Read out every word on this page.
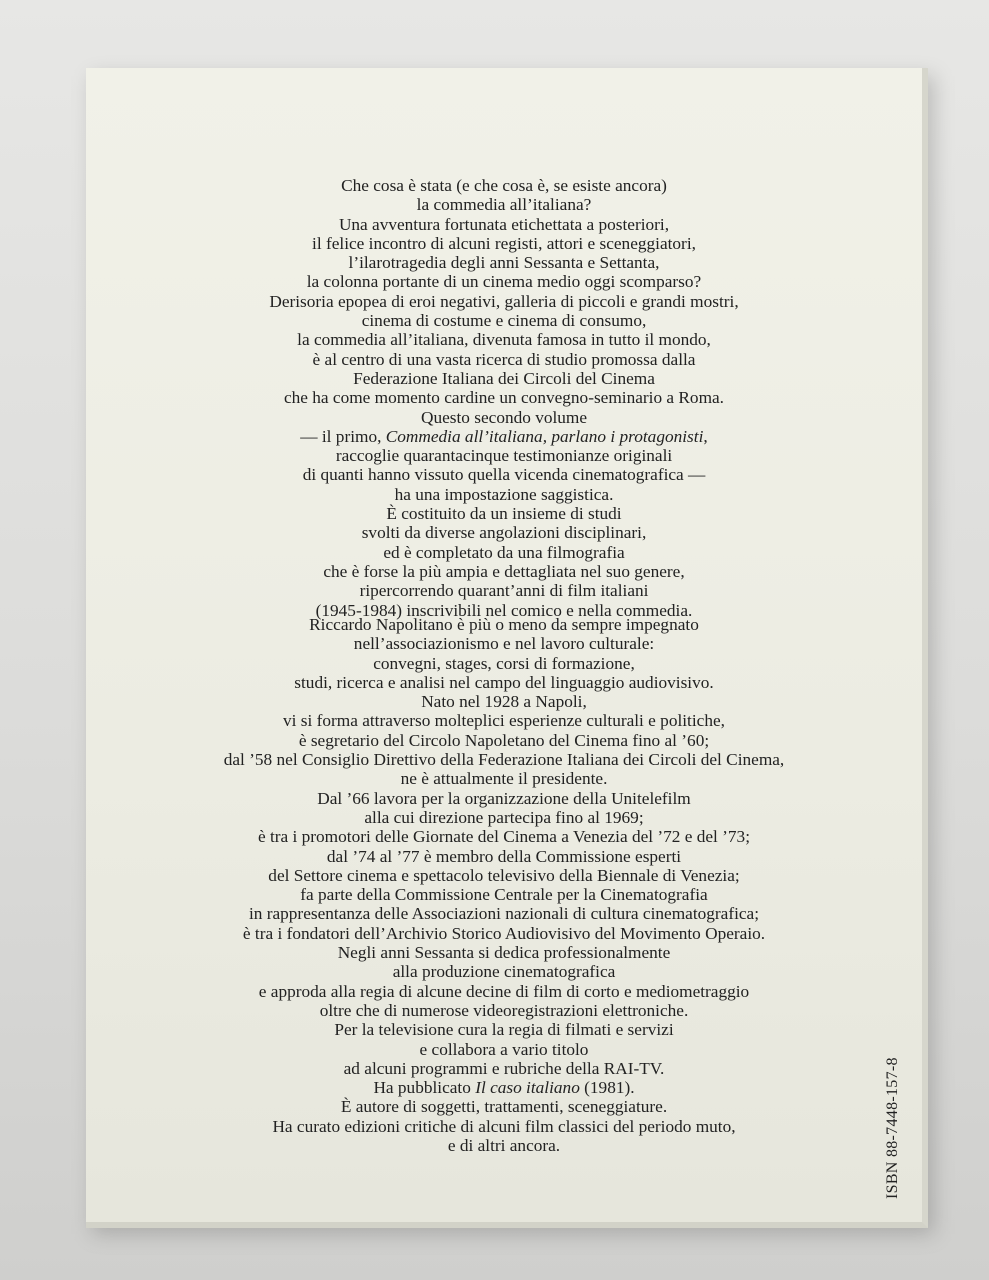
Che cosa è stata (e che cosa è, se esiste ancora)
la commedia all’italiana?
Una avventura fortunata etichettata a posteriori,
il felice incontro di alcuni registi, attori e sceneggiatori,
l’ilarotragedia degli anni Sessanta e Settanta,
la colonna portante di un cinema medio oggi scomparso?
Derisoria epopea di eroi negativi, galleria di piccoli e grandi mostri,
cinema di costume e cinema di consumo,
la commedia all’italiana, divenuta famosa in tutto il mondo,
è al centro di una vasta ricerca di studio promossa dalla
Federazione Italiana dei Circoli del Cinema
che ha come momento cardine un convegno-seminario a Roma.
Questo secondo volume
— il primo, Commedia all’italiana, parlano i protagonisti,
raccoglie quarantacinque testimonianze originali
di quanti hanno vissuto quella vicenda cinematografica —
ha una impostazione saggistica.
È costituito da un insieme di studi
svolti da diverse angolazioni disciplinari,
ed è completato da una filmografia
che è forse la più ampia e dettagliata nel suo genere,
ripercorrendo quarant’anni di film italiani
(1945-1984) inscrivibili nel comico e nella commedia.

Riccardo Napolitano è più o meno da sempre impegnato
nell’associazionismo e nel lavoro culturale:
convegni, stages, corsi di formazione,
studi, ricerca e analisi nel campo del linguaggio audiovisivo.
Nato nel 1928 a Napoli,
vi si forma attraverso molteplici esperienze culturali e politiche,
è segretario del Circolo Napoletano del Cinema fino al ’60;
dal ’58 nel Consiglio Direttivo della Federazione Italiana dei Circoli del Cinema,
ne è attualmente il presidente.
Dal ’66 lavora per la organizzazione della Unitelefilm
alla cui direzione partecipa fino al 1969;
è tra i promotori delle Giornate del Cinema a Venezia del ’72 e del ’73;
dal ’74 al ’77 è membro della Commissione esperti
del Settore cinema e spettacolo televisivo della Biennale di Venezia;
fa parte della Commissione Centrale per la Cinematografia
in rappresentanza delle Associazioni nazionali di cultura cinematografica;
è tra i fondatori dell’Archivio Storico Audiovisivo del Movimento Operaio.
Negli anni Sessanta si dedica professionalmente
alla produzione cinematografica
e approda alla regia di alcune decine di film di corto e mediometraggio
oltre che di numerose videoregistrazioni elettroniche.
Per la televisione cura la regia di filmati e servizi
e collabora a vario titolo
ad alcuni programmi e rubriche della RAI-TV.
Ha pubblicato Il caso italiano (1981).
È autore di soggetti, trattamenti, sceneggiature.
Ha curato edizioni critiche di alcuni film classici del periodo muto,
e di altri ancora.	ISBN 88-7448-157-8
